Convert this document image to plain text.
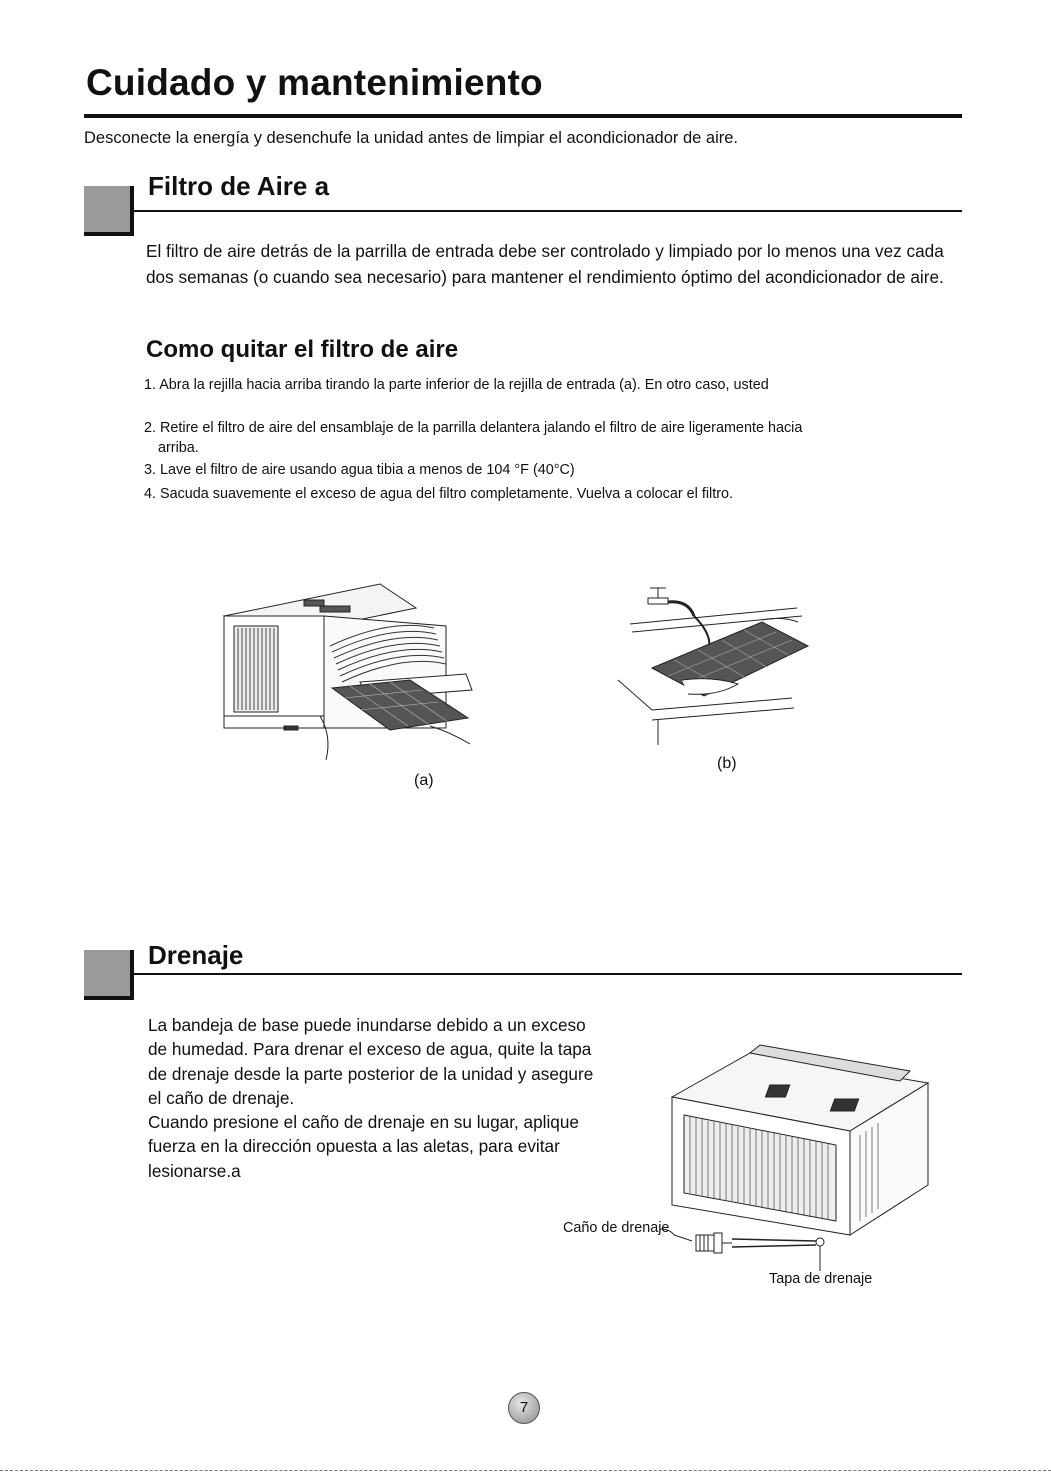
Cuidado y mantenimiento
Desconecte la energía y desenchufe la unidad antes de limpiar el acondicionador de aire.
Filtro de Aire a
El filtro de aire detrás de la parrilla de entrada debe ser controlado y limpiado por lo menos una vez cada dos semanas (o cuando sea necesario) para mantener el rendimiento óptimo del acondicionador de aire.
Como quitar el filtro de aire
1. Abra la rejilla hacia arriba tirando la parte inferior de la rejilla de entrada (a). En otro caso, usted
2. Retire el filtro de aire del ensamblaje de la parrilla delantera jalando el filtro de aire ligeramente hacia
arriba.
3. Lave el filtro de aire usando agua tibia a menos de 104 °F (40°C)
4. Sacuda suavemente el exceso de agua del filtro completamente. Vuelva a colocar el filtro.
(a)
(b)
Drenaje
La bandeja de base puede inundarse debido a un exceso
de humedad. Para drenar el exceso de agua, quite la tapa
de drenaje desde la parte posterior de la unidad y asegure
el caño de drenaje.
Cuando presione el caño de drenaje en su lugar, aplique
fuerza en la dirección opuesta a las aletas, para evitar
lesionarse.a
Caño de drenaje
Tapa de drenaje
7
